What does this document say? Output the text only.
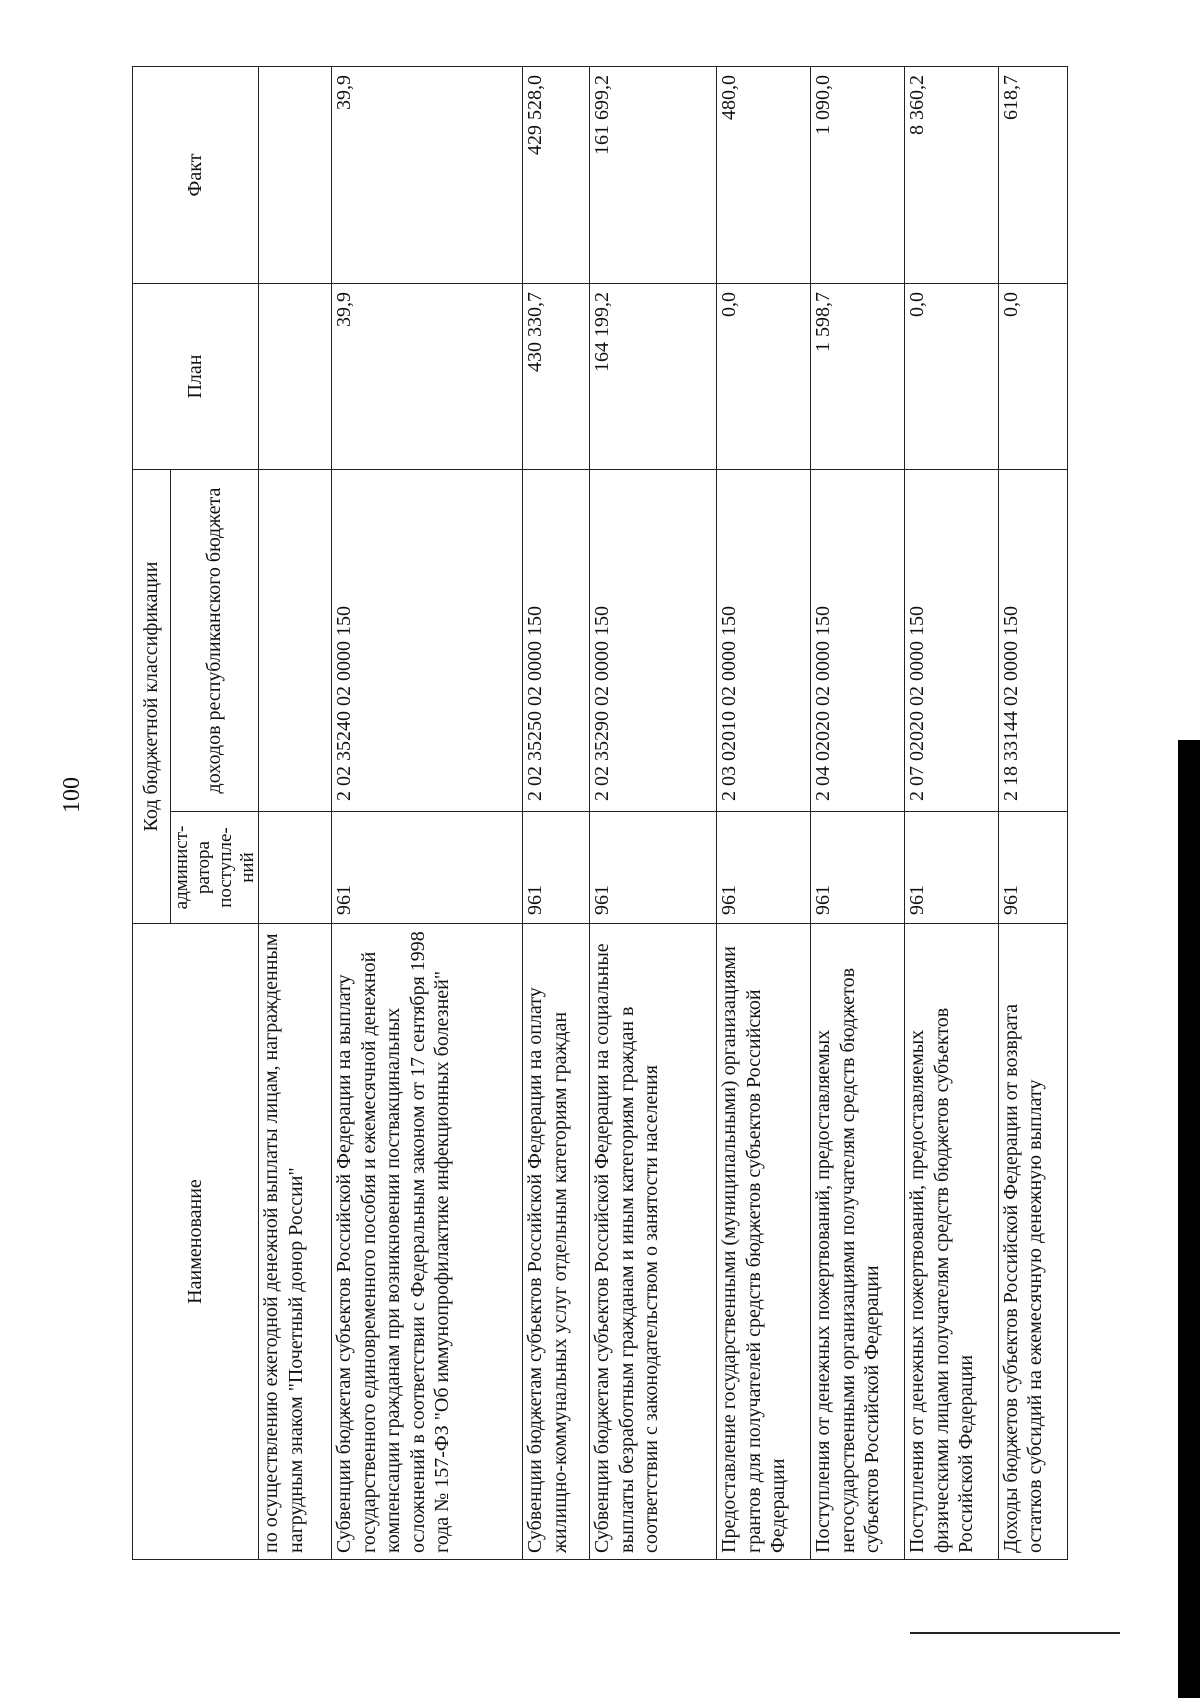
100
Наименование	Код бюджетной классификации		План	Факт
	админист-ратора поступле-ний	доходов республиканского бюджета		
по осуществлению ежегодной денежной выплаты лицам, награжденным нагрудным знаком "Почетный донор России"				
Субвенции бюджетам субъектов Российской Федерации на выплату государственного единовременного пособия и ежемесячной денежной компенсации гражданам при возникновении поствакцинальных осложнений в соответствии с Федеральным законом от 17 сентября 1998 года № 157-ФЗ "Об иммунопрофилактике инфекционных болезней"	961	2 02 35240 02 0000 150	39,9	39,9
Субвенции бюджетам субъектов Российской Федерации на оплату жилищно-коммунальных услуг отдельным категориям граждан	961	2 02 35250 02 0000 150	430 330,7	429 528,0
Субвенции бюджетам субъектов Российской Федерации на социальные выплаты безработным гражданам и иным категориям граждан в соответствии с законодательством о занятости населения	961	2 02 35290 02 0000 150	164 199,2	161 699,2
Предоставление государственными (муниципальными) организациями грантов для получателей средств бюджетов субъектов Российской Федерации	961	2 03 02010 02 0000 150	0,0	480,0
Поступления от денежных пожертвований, предоставляемых негосударственными организациями получателям средств бюджетов субъектов Российской Федерации	961	2 04 02020 02 0000 150	1 598,7	1 090,0
Поступления от денежных пожертвований, предоставляемых физическими лицами получателям средств бюджетов субъектов Российской Федерации	961	2 07 02020 02 0000 150	0,0	8 360,2
Доходы бюджетов субъектов Российской Федерации от возврата остатков субсидий на ежемесячную денежную выплату	961	2 18 33144 02 0000 150	0,0	618,7
